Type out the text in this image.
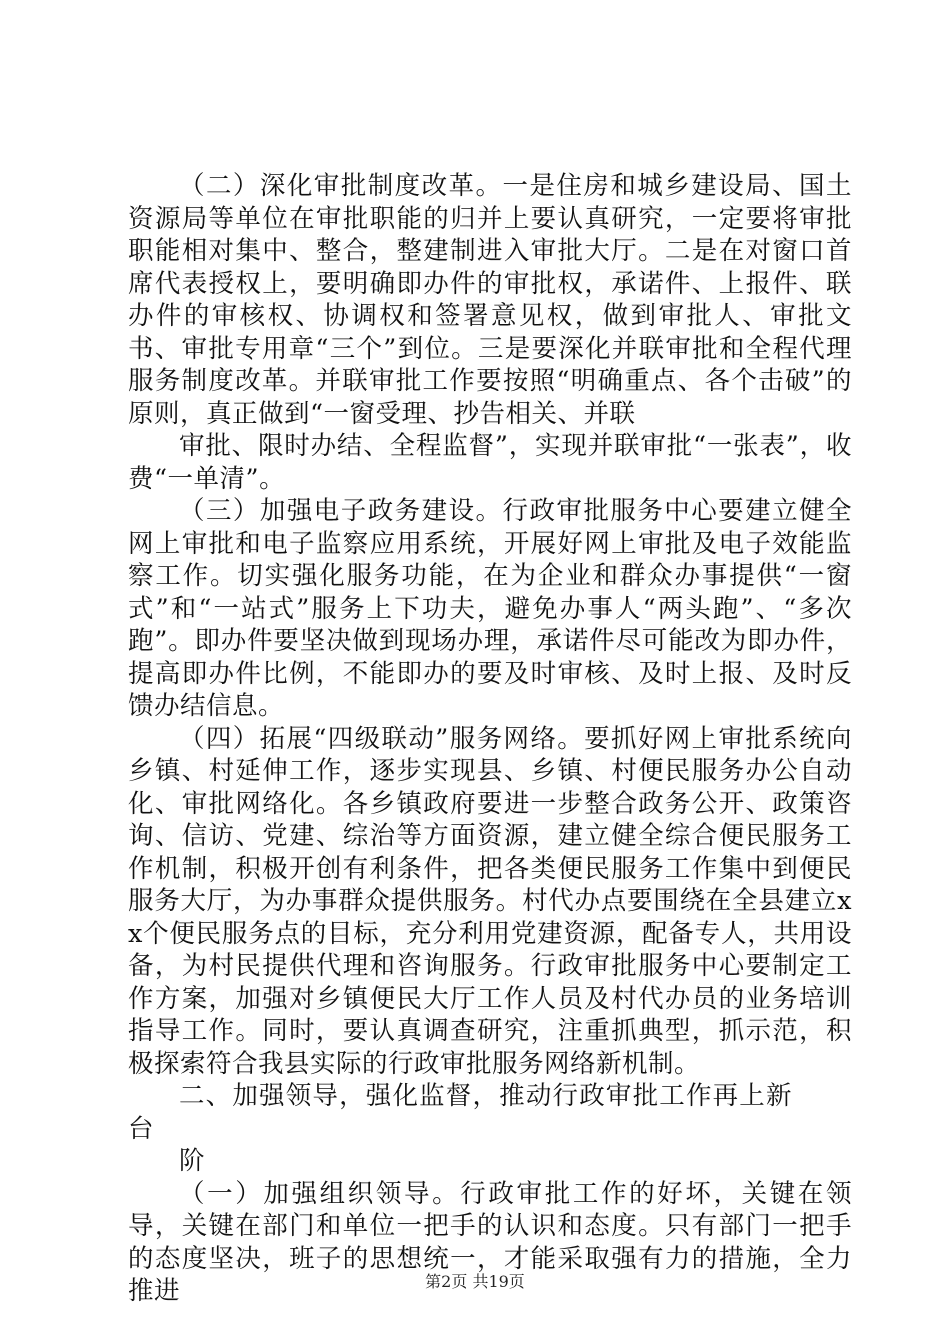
（二）深化审批制度改革。一是住房和城乡建设局、国土资源局等单位在审批职能的归并上要认真研究，一定要将审批职能相对集中、整合，整建制进入审批大厅。二是在对窗口首席代表授权上，要明确即办件的审批权，承诺件、上报件、联办件的审核权、协调权和签署意见权，做到审批人、审批文书、审批专用章“三个”到位。三是要深化并联审批和全程代理服务制度改革。并联审批工作要按照“明确重点、各个击破”的原则，真正做到“一窗受理、抄告相关、并联

审批、限时办结、全程监督”，实现并联审批“一张表”，收费“一单清”。

（三）加强电子政务建设。行政审批服务中心要建立健全网上审批和电子监察应用系统，开展好网上审批及电子效能监察工作。切实强化服务功能，在为企业和群众办事提供“一窗式”和“一站式”服务上下功夫，避免办事人“两头跑”、“多次跑”。即办件要坚决做到现场办理，承诺件尽可能改为即办件，提高即办件比例，不能即办的要及时审核、及时上报、及时反馈办结信息。

（四）拓展“四级联动”服务网络。要抓好网上审批系统向乡镇、村延伸工作，逐步实现县、乡镇、村便民服务办公自动化、审批网络化。各乡镇政府要进一步整合政务公开、政策咨询、信访、党建、综治等方面资源，建立健全综合便民服务工作机制，积极开创有利条件，把各类便民服务工作集中到便民服务大厅，为办事群众提供服务。村代办点要围绕在全县建立xx个便民服务点的目标，充分利用党建资源，配备专人，共用设备，为村民提供代理和咨询服务。行政审批服务中心要制定工作方案，加强对乡镇便民大厅工作人员及村代办员的业务培训指导工作。同时，要认真调查研究，注重抓典型，抓示范，积极探索符合我县实际的行政审批服务网络新机制。

二、加强领导，强化监督，推动行政审批工作再上新台
阶

（一）加强组织领导。行政审批工作的好坏，关键在领导，关键在部门和单位一把手的认识和态度。只有部门一把手的态度坚决，班子的思想统一，才能采取强有力的措施，全力推进	第2页 共19页
